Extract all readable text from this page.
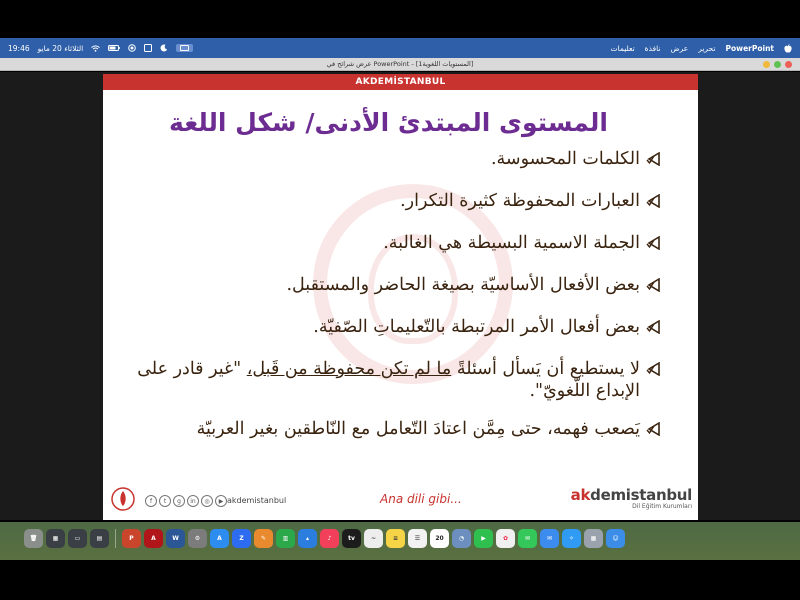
19:46 الثلاثاء 20 مايو	PowerPoint
تحرير
عرض
نافذة
تعليمات
عرض شرائح في PowerPoint - [المستويات اللغوية1]
AKDEMİSTANBUL
المستوى المبتدئ الأدنى/ شكل اللغة
الكلمات المحسوسة.
العبارات المحفوظة كثيرة التكرار.
الجملة الاسمية البسيطة هي الغالبة.
بعض الأفعال الأساسيّة بصيغة الحاضر والمستقبل.
بعض أفعال الأمر المرتبطة بالتّعليماتِ الصّفيّة.
لا يستطيع أن يَسأل أسئلةً ما لم تكن محفوظة من قَبل، "غير قادر على الإبداع اللّغويّ".
يَصعب فهمه، حتى مِمَّن اعتادَ التّعامل مع النّاطقين بغير العربيّة
f	t	g	in	◎	▶ akdemistanbul	Ana dili gibi...	akdemistanbul
Dil Eğitim Kurumları
🗑	▦	▭	▤	P	A	W	⚙	A	Z	✎	▥	▴	♪	tv	~	≡	☰	20	◔	▶	✿	✉	✉	✧	▦	☺
